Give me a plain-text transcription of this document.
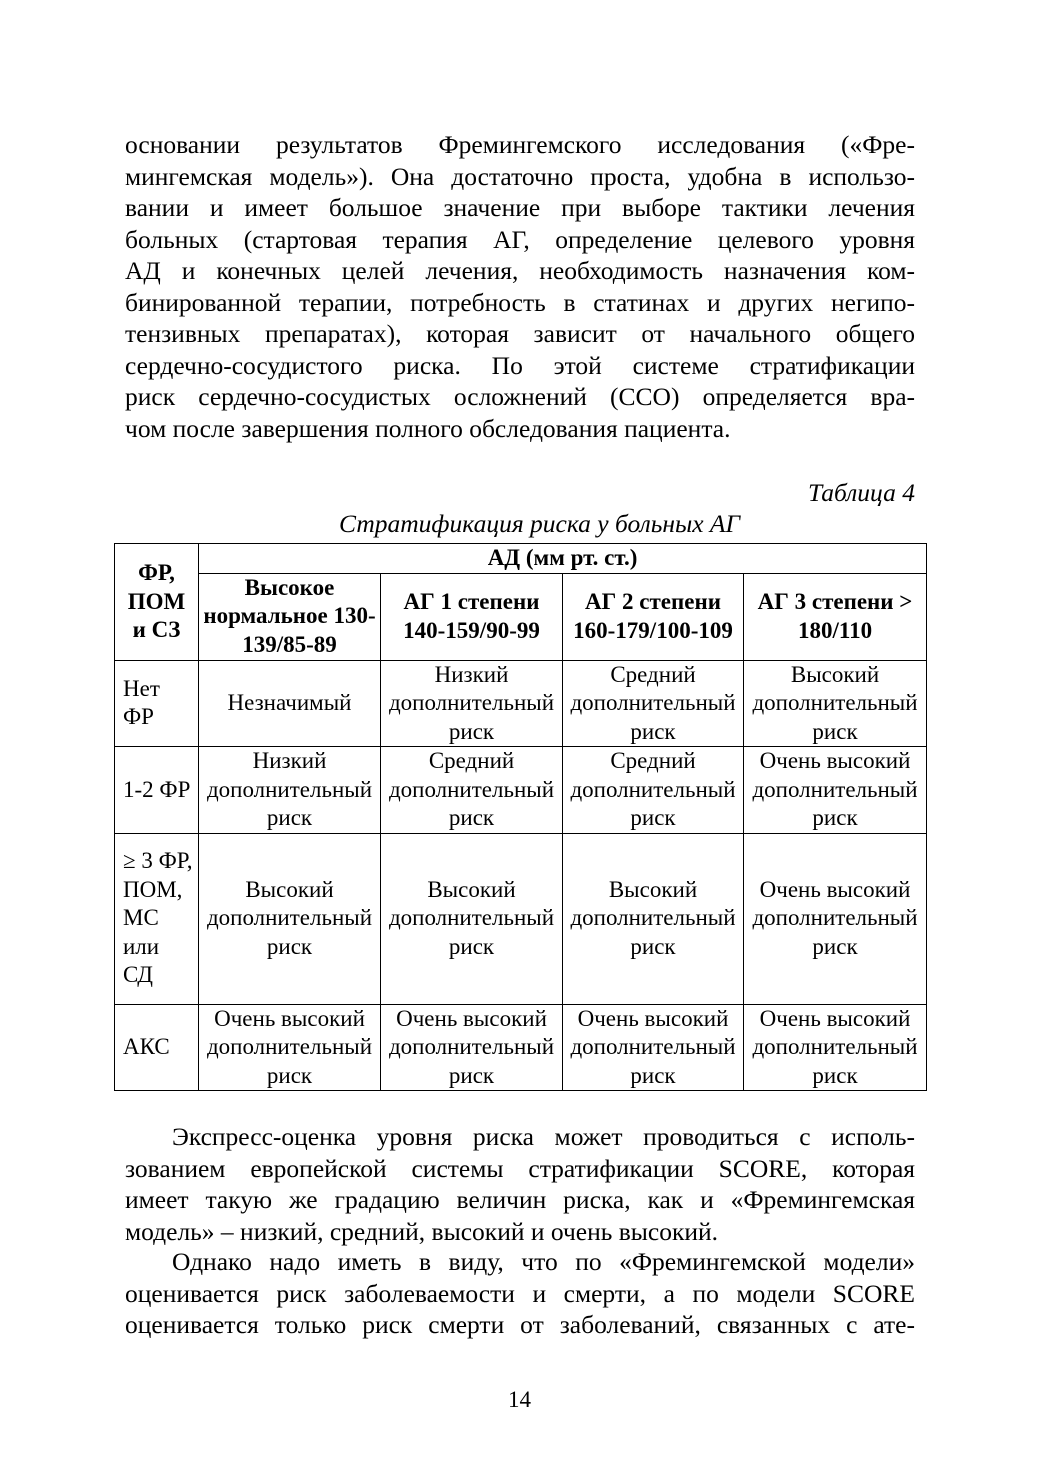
основании результатов Фремингемского исследования («Фре-
мингемская модель»). Она достаточно проста, удобна в использо-
вании и имеет большое значение при выборе тактики лечения
больных (стартовая терапия АГ, определение целевого уровня
АД и конечных целей лечения, необходимость назначения ком-
бинированной терапии, потребность в статинах и других негипо-
тензивных препаратах), которая зависит от начального общего
сердечно-сосудистого риска. По этой системе стратификации
риск сердечно-сосудистых осложнений (ССО) определяется вра-
чом после завершения полного обследования пациента.
Таблица 4
Стратификация риска у больных АГ
ФР, ПОМ и СЗ	АД (мм рт. ст.)			
	Высокое нормальное 130-139/85-89	АГ 1 степени 140-159/90-99	АГ 2 степени 160-179/100-109	АГ 3 степени > 180/110
Нет ФР	Незначимый	Низкий дополнительный риск	Средний дополнительный риск	Высокий дополнительный риск
1-2 ФР	Низкий дополнительный риск	Средний дополнительный риск	Средний дополнительный риск	Очень высокий дополнительный риск
≥ 3 ФР, ПОМ, МС или СД	Высокий дополнительный риск	Высокий дополнительный риск	Высокий дополнительный риск	Очень высокий дополнительный риск
АКС	Очень высокий дополнительный риск	Очень высокий дополнительный риск	Очень высокий дополнительный риск	Очень высокий дополнительный риск
Экспресс-оценка уровня риска может проводиться с исполь-
зованием европейской системы стратификации SCORE, которая
имеет такую же градацию величин риска, как и «Фремингемская
модель» – низкий, средний, высокий и очень высокий.
Однако надо иметь в виду, что по «Фремингемской модели»
оценивается риск заболеваемости и смерти, а по модели SCORE
оценивается только риск смерти от заболеваний, связанных с ате-
14
